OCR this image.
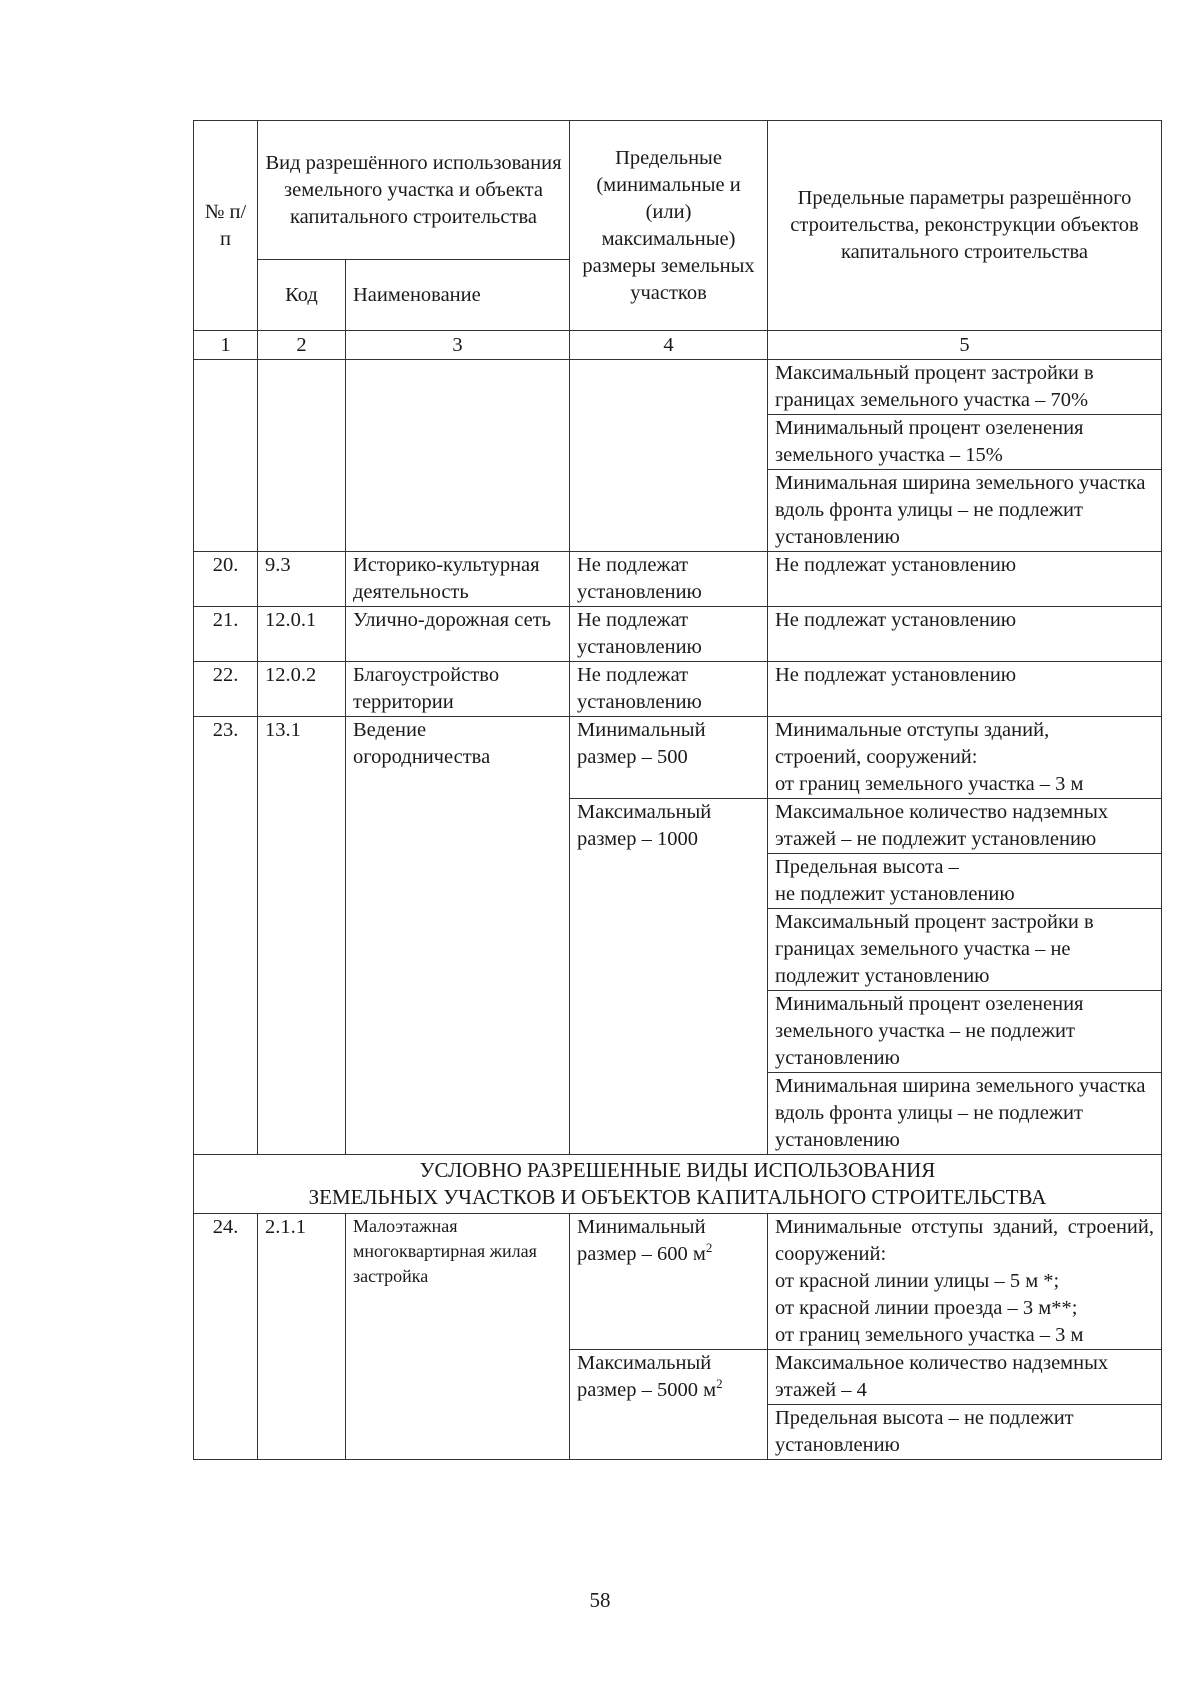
№ п/п	Вид разрешённого использования земельного участка и объекта капитального строительства		Предельные (минимальные и (или) максимальные) размеры земельных участков	Предельные параметры разрешённого строительства, реконструкции объектов капитального строительства
	Код	Наименование		
1	2	3	4	5
				Максимальный процент застройки в границах земельного участка – 70%
				Минимальный процент озеленения земельного участка – 15%
				Минимальная ширина земельного участка вдоль фронта улицы – не подлежит установлению
20.	9.3	Историко-культурная деятельность	Не подлежат установлению	Не подлежат установлению
21.	12.0.1	Улично-дорожная сеть	Не подлежат установлению	Не подлежат установлению
22.	12.0.2	Благоустройство территории	Не подлежат установлению	Не подлежат установлению
23.	13.1	Ведение огородничества	Минимальный размер – 500	Минимальные отступы зданий,
строений, сооружений:
от границ земельного участка – 3 м

			Максимальный размер – 1000	Максимальное количество надземных этажей – не подлежит установлению

				Предельная высота –
не подлежит установлению

				Максимальный процент застройки в границах земельного участка – не подлежит установлению
				Минимальный процент озеленения земельного участка – не подлежит установлению
				Минимальная ширина земельного участка вдоль фронта улицы – не подлежит установлению

УСЛОВНО РАЗРЕШЕННЫЕ ВИДЫ ИСПОЛЬЗОВАНИЯ
ЗЕМЕЛЬНЫХ УЧАСТКОВ И ОБЪЕКТОВ КАПИТАЛЬНОГО СТРОИТЕЛЬСТВА				

24.	2.1.1	Малоэтажная многоквартирная жилая застройка	Минимальный размер – 600 $м^2$	Минимальные отступы зданий, строений, сооружений:
от красной линии улицы – 5 м *;
от красной линии проезда – 3 м**;
от границ земельного участка – 3 м

			Максимальный размер – 5000 $м^2$	Максимальное количество надземных этажей – 4
				Предельная высота – не подлежит установлению
58
